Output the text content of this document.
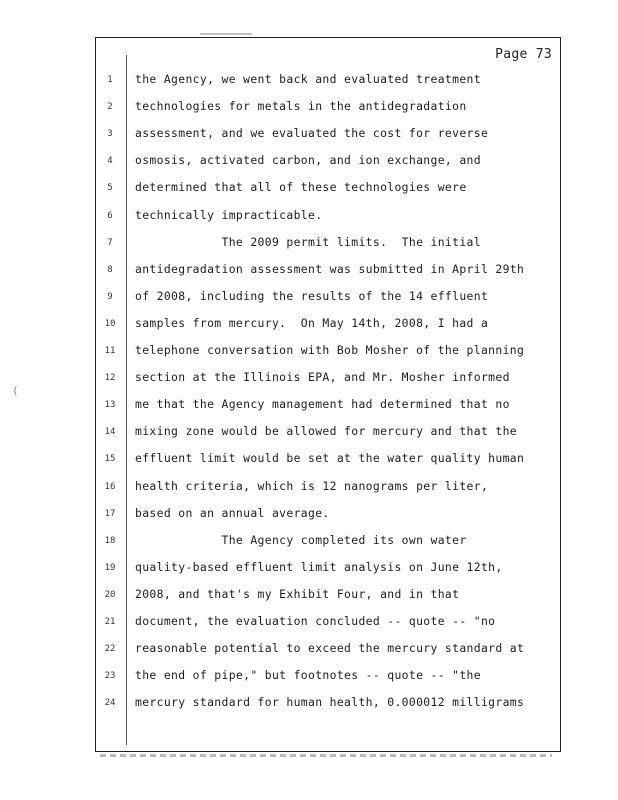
Page 73
(
1	the Agency, we went back and evaluated treatment
2	technologies for metals in the antidegradation
3	assessment, and we evaluated the cost for reverse
4	osmosis, activated carbon, and ion exchange, and
5	determined that all of these technologies were
6	technically impracticable.
7	The 2009 permit limits.  The initial
8	antidegradation assessment was submitted in April 29th
9	of 2008, including the results of the 14 effluent
10	samples from mercury.  On May 14th, 2008, I had a
11	telephone conversation with Bob Mosher of the planning
12	section at the Illinois EPA, and Mr. Mosher informed
13	me that the Agency management had determined that no
14	mixing zone would be allowed for mercury and that the
15	effluent limit would be set at the water quality human
16	health criteria, which is 12 nanograms per liter,
17	based on an annual average.
18	The Agency completed its own water
19	quality-based effluent limit analysis on June 12th,
20	2008, and that's my Exhibit Four, and in that
21	document, the evaluation concluded -- quote -- "no
22	reasonable potential to exceed the mercury standard at
23	the end of pipe," but footnotes -- quote -- "the
24	mercury standard for human health, 0.000012 milligrams
